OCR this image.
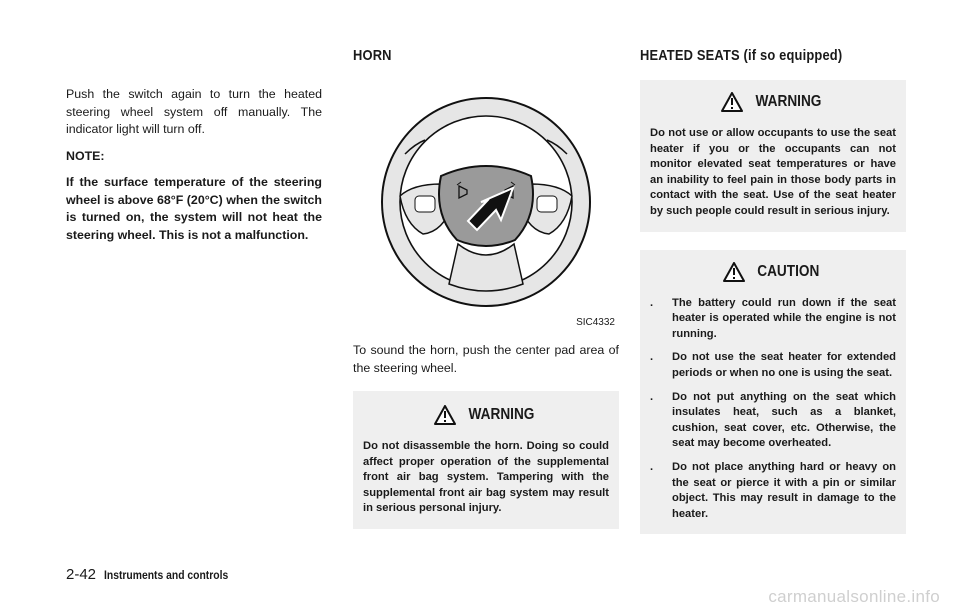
Push the switch again to turn the heated steering wheel system off manually. The indicator light will turn off.

NOTE:

If the surface temperature of the steering wheel is above 68°F (20°C) when the switch is turned on, the system will not heat the steering wheel. This is not a malfunction.

HORN
SIC4332

To sound the horn, push the center pad area of the steering wheel.

WARNING

Do not disassemble the horn. Doing so could affect proper operation of the supplemental front air bag system. Tampering with the supplemental front air bag system may result in serious personal injury.

HEATED SEATS (if so equipped)
WARNING

Do not use or allow occupants to use the seat heater if you or the occupants can not monitor elevated seat temperatures or have an inability to feel pain in those body parts in contact with the seat. Use of the seat heater by such people could result in serious injury.

CAUTION
. The battery could run down if the seat heater is operated while the engine is not running.
. Do not use the seat heater for extended periods or when no one is using the seat.
. Do not put anything on the seat which insulates heat, such as a blanket, cushion, seat cover, etc. Otherwise, the seat may become overheated.
. Do not place anything hard or heavy on the seat or pierce it with a pin or similar object. This may result in damage to the heater.
2-42 Instruments and controls
carmanualsonline.info
